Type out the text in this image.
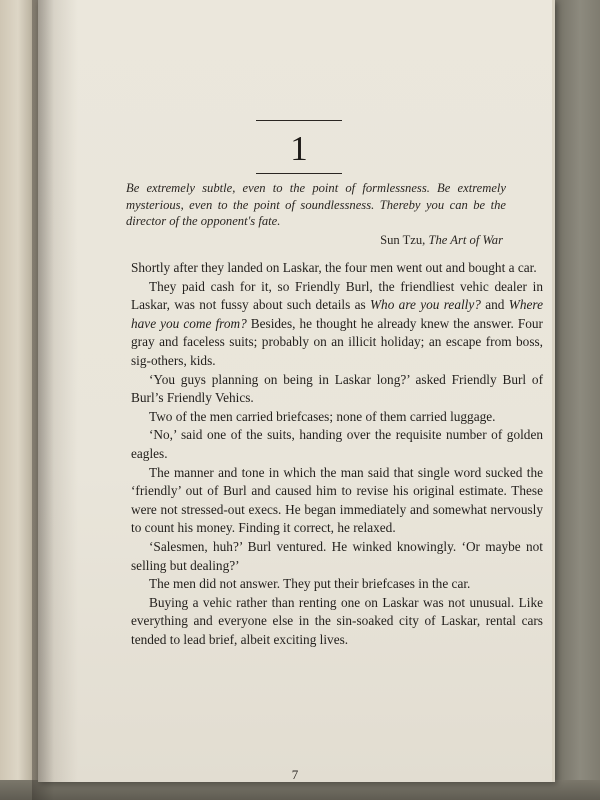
1
Be extremely subtle, even to the point of formlessness. Be extremely mysterious, even to the point of soundlessness. Thereby you can be the director of the opponent's fate.
Sun Tzu, The Art of War

Shortly after they landed on Laskar, the four men went out and bought a car.

They paid cash for it, so Friendly Burl, the friendliest vehic dealer in Laskar, was not fussy about such details as Who are you really? and Where have you come from? Besides, he thought he already knew the answer. Four gray and faceless suits; probably on an illicit holiday; an escape from boss, sig-others, kids.

‘You guys planning on being in Laskar long?’ asked Friendly Burl of Burl’s Friendly Vehics.

Two of the men carried briefcases; none of them carried luggage.

‘No,’ said one of the suits, handing over the requisite number of golden eagles.

The manner and tone in which the man said that single word sucked the ‘friendly’ out of Burl and caused him to revise his original estimate. These were not stressed-out execs. He began immediately and somewhat nervously to count his money. Finding it correct, he relaxed.

‘Salesmen, huh?’ Burl ventured. He winked knowingly. ‘Or maybe not selling but dealing?’

The men did not answer. They put their briefcases in the car.

Buying a vehic rather than renting one on Laskar was not unusual. Like everything and everyone else in the sin-soaked city of Laskar, rental cars tended to lead brief, albeit exciting lives.

7
